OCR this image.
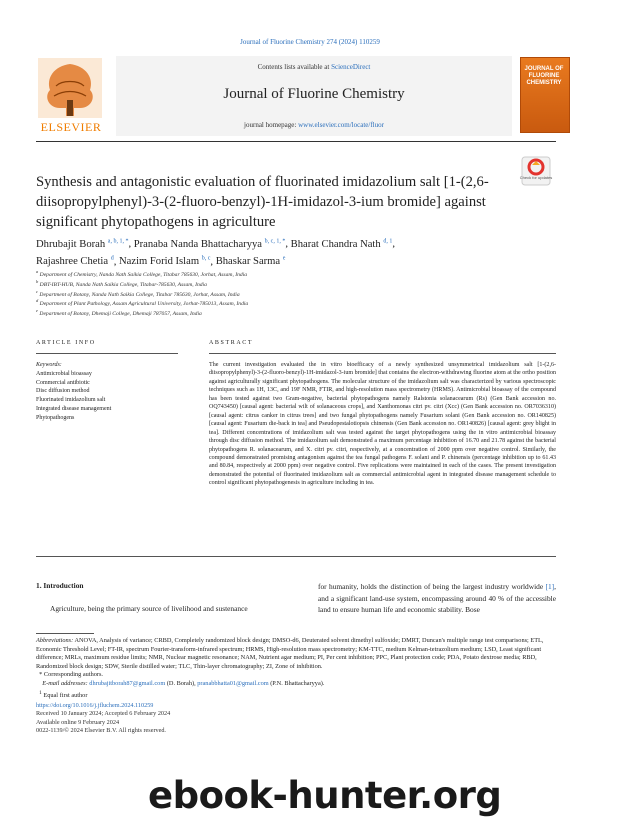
Journal of Fluorine Chemistry 274 (2024) 110259
ELSEVIER
Contents lists available at ScienceDirect
Journal of Fluorine Chemistry
journal homepage: www.elsevier.com/locate/fluor
JOURNAL OF FLUORINE CHEMISTRY
Synthesis and antagonistic evaluation of fluorinated imidazolium salt [1-(2,6-diisopropylphenyl)-3-(2-fluoro-benzyl)-1H-imidazol-3-ium bromide] against significant phytopathogens in agriculture
Check for updates
Dhrubajit Borah $^{a, b, 1, *}$, Pranaba Nanda Bhattacharyya $^{b, c, 1, *}$, Bharat Chandra Nath $^{d, 1}$,
Rajashree Chetia $^d$, Nazim Forid Islam $^{b, c}$, Bhaskar Sarma $^e$
$^a$ Department of Chemistry, Nanda Nath Saikia College, Titabar 785630, Jorhat, Assam, India
$^b$ DBT-IBT-HUB, Nanda Nath Saikia College, Titabar-785630, Assam, India
$^c$ Department of Botany, Nanda Nath Saikia College, Titabar 785630, Jorhat, Assam, India
$^d$ Department of Plant Pathology, Assam Agricultural University, Jorhat-785013, Assam, India
$^e$ Department of Botany, Dhemaji College, Dhemaji 787057, Assam, India
ARTICLE INFO	ABSTRACT
Keywords:
Antimicrobial bioassay
Commercial antibiotic
Disc diffusion method
Fluorinated imidazolium salt
Integrated disease management
Phytopathogens
The current investigation evaluated the in vitro bioefficacy of a newly synthesized unsymmetrical imidazolium salt [1-(2,6-diisopropylphenyl)-3-(2-fluoro-benzyl)-1H-imidazol-3-ium bromide] that contains the electron-withdrawing fluorine atom at the ortho position against agriculturally significant phytopathogens. The molecular structure of the imidazolium salt was characterized by various spectroscopic techniques such as 1H, 13C, and 19F NMR, FTIR, and high-resolution mass spectrometry (HRMS). Antimicrobial bioassay of the compound has been tested against two Gram-negative, bacterial phytopathogens namely Ralstonia solanacearum (Rs) (Gen Bank accession no. OQ743450) [causal agent: bacterial wilt of solanaceous crops], and Xanthomonas citri pv. citri (Xcc) (Gen Bank accession no. OR7036310) [causal agent: citrus canker in citrus trees] and two fungal phytopathogens namely Fusarium solani (Gen Bank accession no. OR140825) [causal agent: Fusarium die-back in tea] and Pseudopestalotiopsis chinensis (Gen Bank accession no. OR140826) [causal agent: grey blight in tea]. Different concentrations of imidazolium salt was tested against the target phytopathogens using the in vitro antimicrobial bioassay through disc diffusion method. The imidazolium salt demonstrated a maximum percentage inhibition of 16.70 and 21.78 against the bacterial phytopathogens R. solanacearum, and X. citri pv. citri, respectively, at a concentration of 2000 ppm over negative control. Similarly, the compound demonstrated promising antagonism against the tea fungal pathogens F. solani and P. chinensis (percentage inhibition up to 61.43 and 80.84, respectively at 2000 ppm) over negative control. Five replications were maintained in each of the cases. The present investigation demonstrated the potential of fluorinated imidazolium salt as commercial antimicrobial agent in integrated disease management schedule to control significant phytopathogenesis in agriculture including in tea.
1. Introduction
Agriculture, being the primary source of livelihood and sustenance
for humanity, holds the distinction of being the largest industry worldwide [1], and a significant land-use system, encompassing around 40 % of the accessible land to ensure human life and economic stability. Bose
Abbreviations: ANOVA, Analysis of variance; CRBD, Completely randomized block design; DMSO-d6, Deuterated solvent dimethyl sulfoxide; DMRT, Duncan's multiple range test comparisons; ETL, Economic Threshold Level; FT-IR, spectrum Fourier-transform-infrared spectrum; HRMS, High-resolution mass spectrometry; KM-TTC, medium Kelman-tetrazolium medium; LSD, Least significant difference; MRLs, maximum residue limits; NMR, Nuclear magnetic resonance; NAM, Nutrient agar medium; PI, Per cent inhibition; PPC, Plant protection code; PDA, Potato dextrose media; RBD, Randomized block design; SDW, Sterile distilled water; TLC, Thin-layer chromatography; ZI, Zone of inhibition.
* Corresponding authors.
E-mail addresses: dhrubajitborah87@gmail.com (D. Borah), pranabbhatta01@gmail.com (P.N. Bhattacharyya).
$^1$ Equal first author
https://doi.org/10.1016/j.jfluchem.2024.110259
Received 10 January 2024; Accepted 6 February 2024
Available online 9 February 2024
0022-1139/© 2024 Elsevier B.V. All rights reserved.
ebook-hunter.org
